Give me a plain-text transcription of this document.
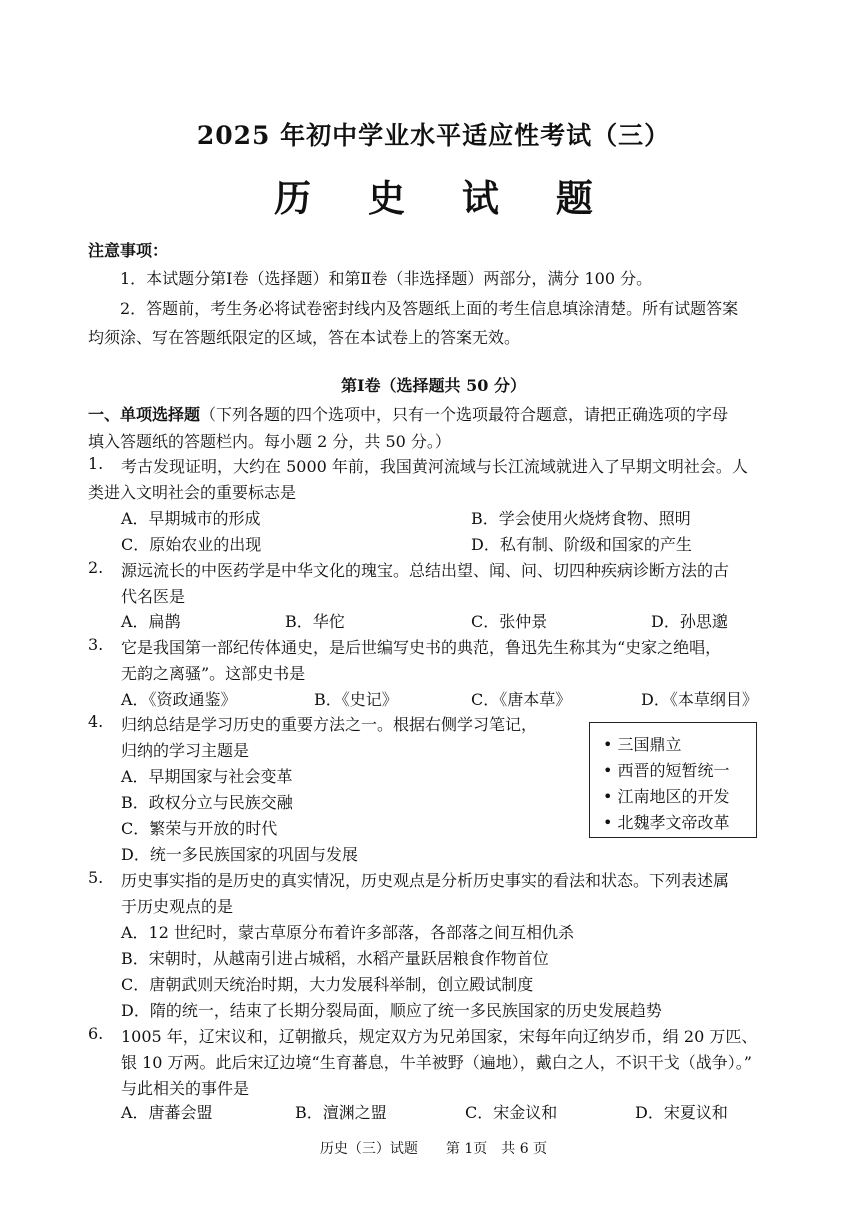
2025 年初中学业水平适应性考试（三）
历 史 试 题
注意事项：
1．本试题分第Ⅰ卷（选择题）和第Ⅱ卷（非选择题）两部分，满分 100 分。
2．答题前，考生务必将试卷密封线内及答题纸上面的考生信息填涂清楚。所有试题答案
均须涂、写在答题纸限定的区域，答在本试卷上的答案无效。
第Ⅰ卷（选择题共 50 分）
一、单项选择题（下列各题的四个选项中，只有一个选项最符合题意，请把正确选项的字母
填入答题纸的答题栏内。每小题 2 分，共 50 分。）
1. 考古发现证明，大约在 5000 年前，我国黄河流域与长江流域就进入了早期文明社会。人
类进入文明社会的重要标志是
A．早期城市的形成	B．学会使用火烧烤食物、照明
C．原始农业的出现	D．私有制、阶级和国家的产生
2. 源远流长的中医药学是中华文化的瑰宝。总结出望、闻、问、切四种疾病诊断方法的古
代名医是
A．扁鹊	B．华佗	C．张仲景	D．孙思邈
3. 它是我国第一部纪传体通史，是后世编写史书的典范，鲁迅先生称其为“史家之绝唱，
无韵之离骚”。这部史书是
A．《资政通鉴》	B．《史记》	C．《唐本草》	D．《本草纲目》
4. 归纳总结是学习历史的重要方法之一。根据右侧学习笔记，
归纳的学习主题是
A．早期国家与社会变革
B．政权分立与民族交融
C．繁荣与开放的时代
D．统一多民族国家的巩固与发展
• 三国鼎立
• 西晋的短暂统一
• 江南地区的开发
• 北魏孝文帝改革
5. 历史事实指的是历史的真实情况，历史观点是分析历史事实的看法和状态。下列表述属
于历史观点的是
A．12 世纪时，蒙古草原分布着许多部落，各部落之间互相仇杀
B．宋朝时，从越南引进占城稻，水稻产量跃居粮食作物首位
C．唐朝武则天统治时期，大力发展科举制，创立殿试制度
D．隋的统一，结束了长期分裂局面，顺应了统一多民族国家的历史发展趋势
6. 1005 年，辽宋议和，辽朝撤兵，规定双方为兄弟国家，宋每年向辽纳岁币，绢 20 万匹、
银 10 万两。此后宋辽边境“生育蕃息，牛羊被野（遍地），戴白之人，不识干戈（战争）。”
与此相关的事件是
A．唐蕃会盟	B．澶渊之盟	C．宋金议和	D．宋夏议和
历史（三）试题　　第 1页　共 6 页
